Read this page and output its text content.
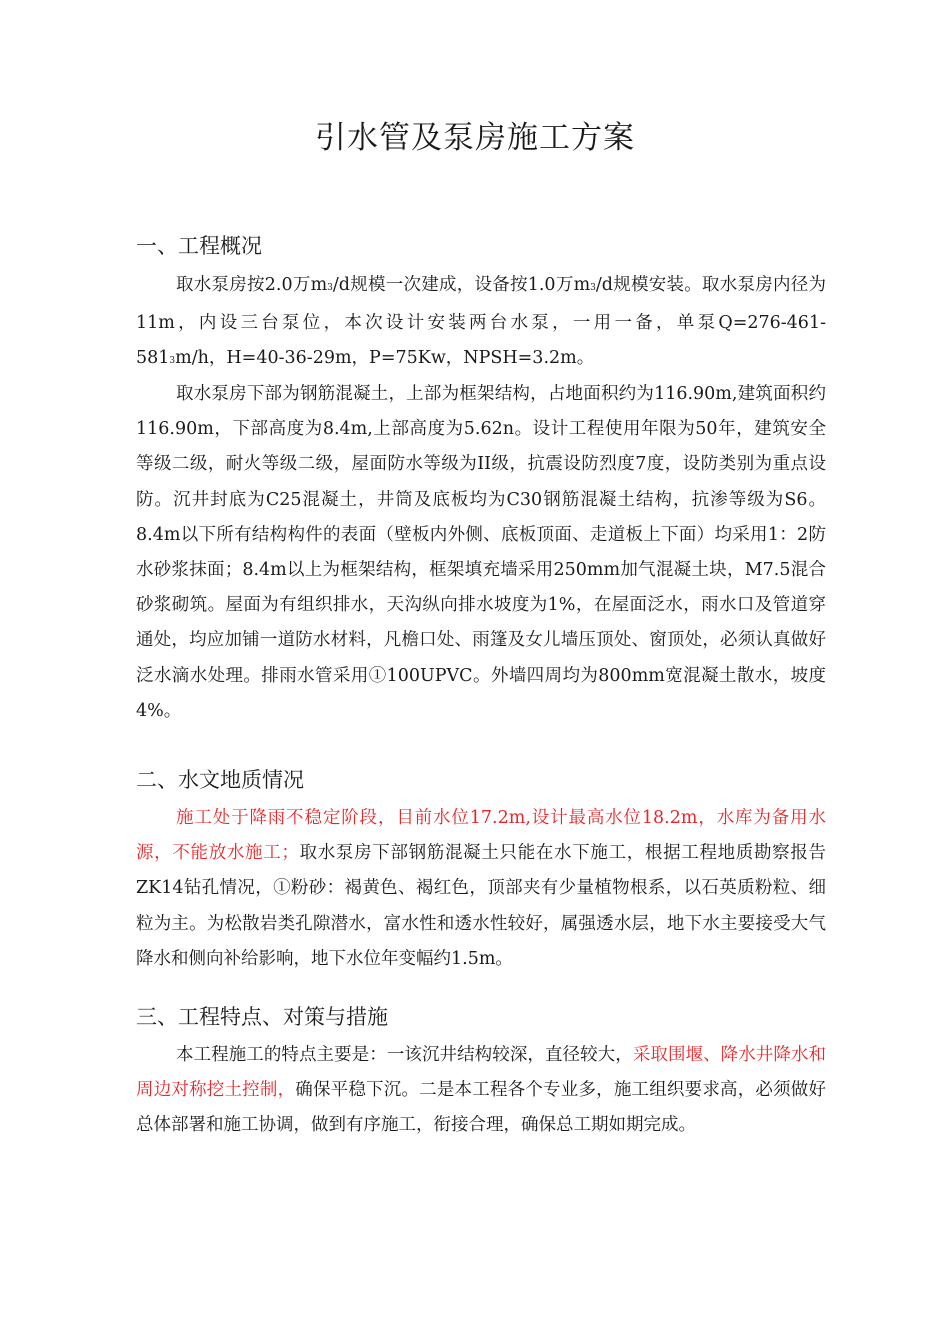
引水管及泵房施工方案
一、工程概况

取水泵房按2.0万m3/d规模一次建成，设备按1.0万m3/d规模安装。取水泵房内径为11m，内设三台泵位，本次设计安装两台水泵，一用一备，单泵Q=276-461-5813m/h，H=40-36-29m，P=75Kw，NPSH=3.2m。

取水泵房下部为钢筋混凝土，上部为框架结构，占地面积约为116.90m,建筑面积约116.90m，下部高度为8.4m,上部高度为5.62n。设计工程使用年限为50年，建筑安全等级二级，耐火等级二级，屋面防水等级为II级，抗震设防烈度7度，设防类别为重点设防。沉井封底为C25混凝土，井筒及底板均为C30钢筋混凝土结构，抗渗等级为S6。8.4m以下所有结构构件的表面（壁板内外侧、底板顶面、走道板上下面）均采用1：2防水砂浆抹面；8.4m以上为框架结构，框架填充墙采用250mm加气混凝土块，M7.5混合砂浆砌筑。屋面为有组织排水，天沟纵向排水坡度为1%，在屋面泛水，雨水口及管道穿通处，均应加铺一道防水材料，凡檐口处、雨篷及女儿墙压顶处、窗顶处，必须认真做好泛水滴水处理。排雨水管采用①100UPVC。外墙四周均为800mm宽混凝土散水，坡度4%。

二、水文地质情况

施工处于降雨不稳定阶段，目前水位17.2m,设计最高水位18.2m，水库为备用水源，不能放水施工；取水泵房下部钢筋混凝土只能在水下施工，根据工程地质勘察报告ZK14钻孔情况，①粉砂：褐黄色、褐红色，顶部夹有少量植物根系，以石英质粉粒、细粒为主。为松散岩类孔隙潜水，富水性和透水性较好，属强透水层，地下水主要接受大气降水和侧向补给影响，地下水位年变幅约1.5m。

三、工程特点、对策与措施

本工程施工的特点主要是：一该沉井结构较深，直径较大，采取围堰、降水井降水和周边对称挖土控制，确保平稳下沉。二是本工程各个专业多，施工组织要求高，必须做好总体部署和施工协调，做到有序施工，衔接合理，确保总工期如期完成。
